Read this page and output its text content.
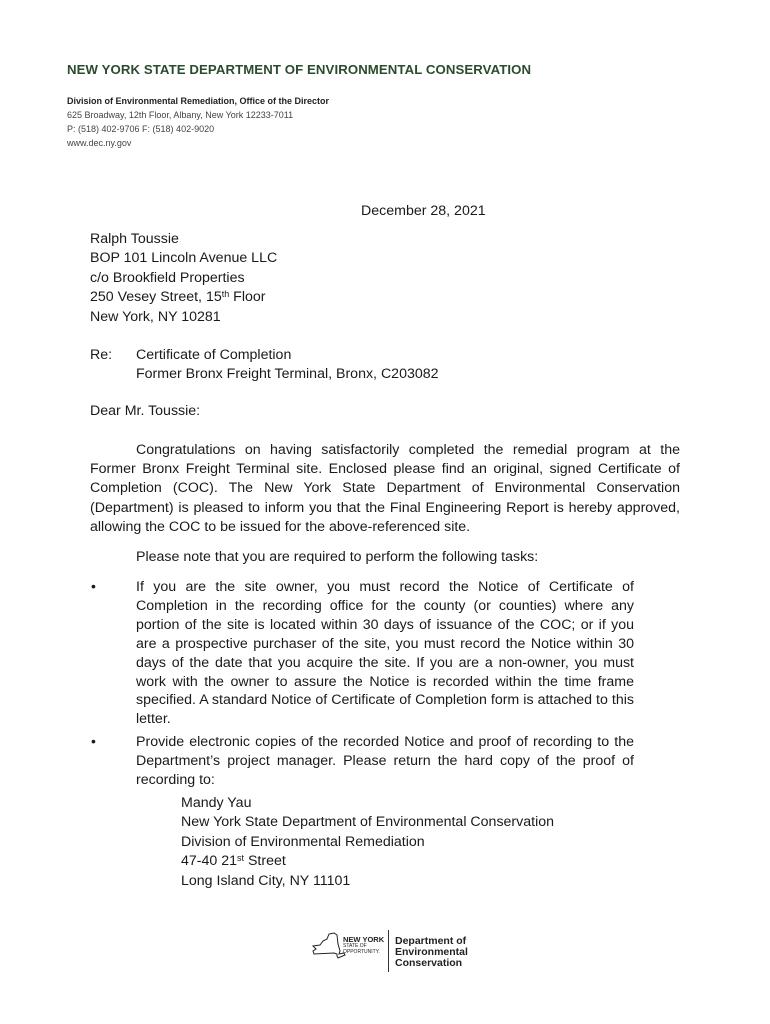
NEW YORK STATE DEPARTMENT OF ENVIRONMENTAL CONSERVATION
Division of Environmental Remediation, Office of the Director
625 Broadway, 12th Floor, Albany, New York 12233-7011
P: (518) 402-9706 F: (518) 402-9020
www.dec.ny.gov
December 28, 2021
Ralph Toussie
BOP 101 Lincoln Avenue LLC
c/o Brookfield Properties
250 Vesey Street, 15th Floor
New York, NY 10281
Re: Certificate of Completion
Former Bronx Freight Terminal, Bronx, C203082
Dear Mr. Toussie:
Congratulations on having satisfactorily completed the remedial program at the Former Bronx Freight Terminal site. Enclosed please find an original, signed Certificate of Completion (COC). The New York State Department of Environmental Conservation (Department) is pleased to inform you that the Final Engineering Report is hereby approved, allowing the COC to be issued for the above-referenced site.
Please note that you are required to perform the following tasks:
•	If you are the site owner, you must record the Notice of Certificate of Completion in the recording office for the county (or counties) where any portion of the site is located within 30 days of issuance of the COC; or if you are a prospective purchaser of the site, you must record the Notice within 30 days of the date that you acquire the site. If you are a non-owner, you must work with the owner to assure the Notice is recorded within the time frame specified. A standard Notice of Certificate of Completion form is attached to this letter.
•	Provide electronic copies of the recorded Notice and proof of recording to the Department’s project manager. Please return the hard copy of the proof of recording to:
Mandy Yau
New York State Department of Environmental Conservation
Division of Environmental Remediation
47-40 21st Street
Long Island City, NY 11101
NEW YORK
STATE OF
OPPORTUNITY.
Department of
Environmental
Conservation
